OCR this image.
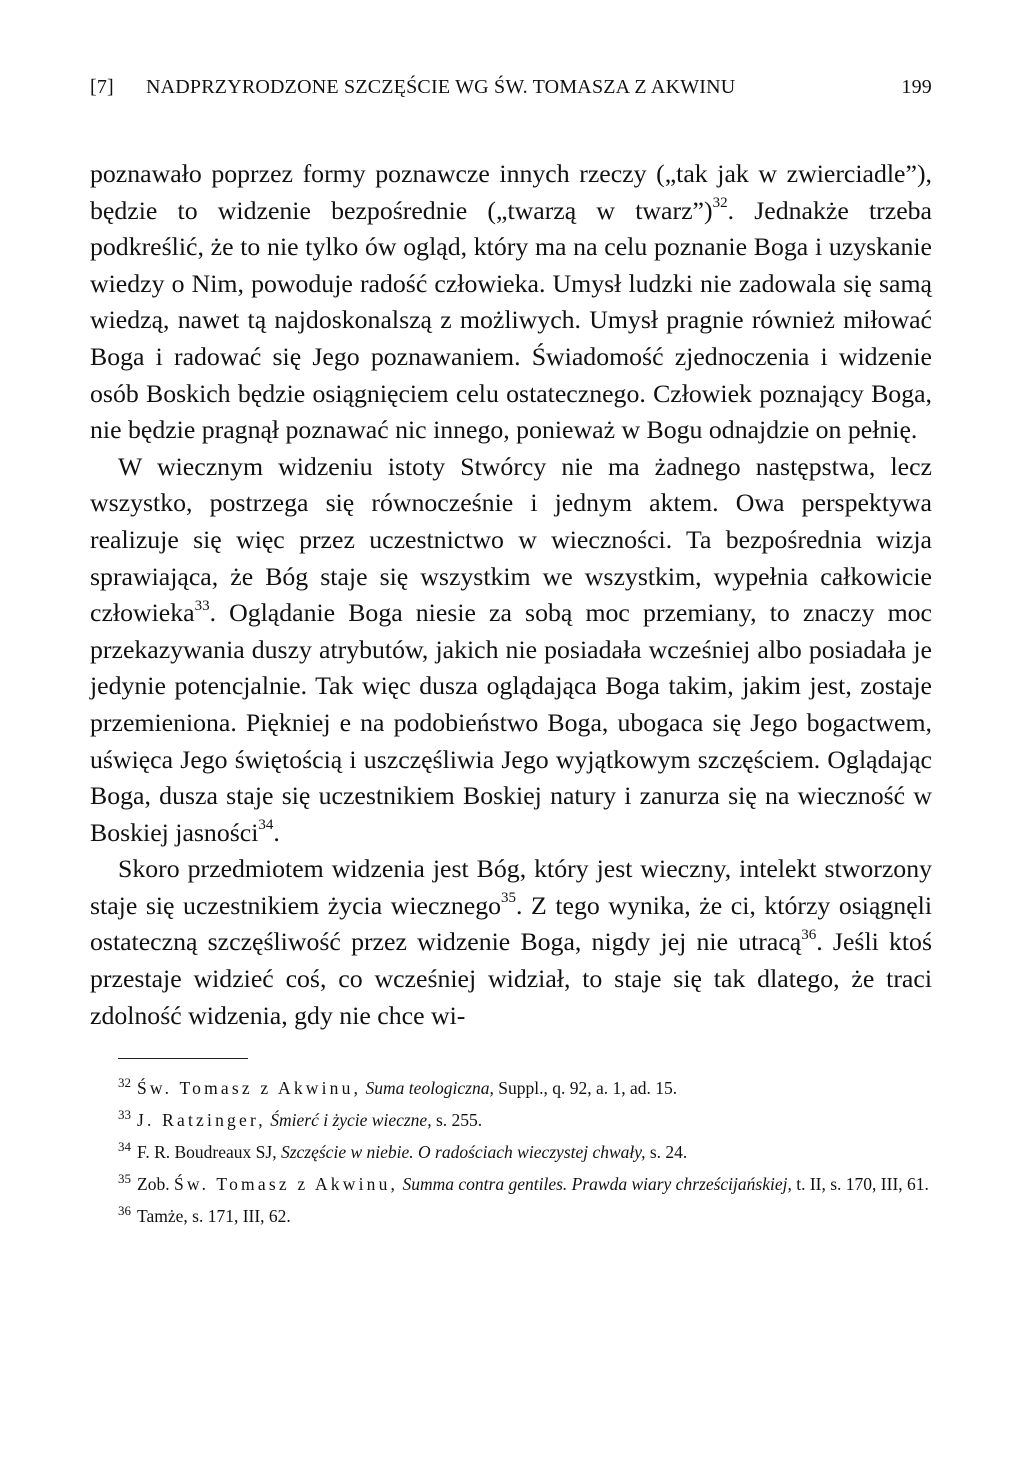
[7]	NADPRZYRODZONE SZCZĘŚCIE WG ŚW. TOMASZA Z AKWINU	199

poznawało poprzez formy poznawcze innych rzeczy („tak jak w zwierciadle”), będzie to widzenie bezpośrednie („twarzą w twarz”)$^{32}$. Jednakże trzeba podkreślić, że to nie tylko ów ogląd, który ma na celu poznanie Boga i uzyskanie wiedzy o Nim, powoduje radość człowieka. Umysł ludzki nie zadowala się samą wiedzą, nawet tą najdoskonalszą z możliwych. Umysł pragnie również miłować Boga i radować się Jego poznawaniem. Świadomość zjednoczenia i widzenie osób Boskich będzie osiągnięciem celu ostatecznego. Człowiek poznający Boga, nie będzie pragnął poznawać nic innego, ponieważ w Bogu odnajdzie on pełnię.

W wiecznym widzeniu istoty Stwórcy nie ma żadnego następstwa, lecz wszystko, postrzega się równocześnie i jednym aktem. Owa perspektywa realizuje się więc przez uczestnictwo w wieczności. Ta bezpośrednia wizja sprawiająca, że Bóg staje się wszystkim we wszystkim, wypełnia całkowicie człowieka$^{33}$. Oglądanie Boga niesie za sobą moc przemiany, to znaczy moc przekazywania duszy atrybutów, jakich nie posiadała wcześniej albo posiadała je jedynie potencjalnie. Tak więc dusza oglądająca Boga takim, jakim jest, zostaje przemieniona. Piękniej e na podobieństwo Boga, ubogaca się Jego bogactwem, uświęca Jego świętością i uszczęśliwia Jego wyjątkowym szczęściem. Oglądając Boga, dusza staje się uczestnikiem Boskiej natury i zanurza się na wieczność w Boskiej jasności$^{34}$.

Skoro przedmiotem widzenia jest Bóg, który jest wieczny, intelekt stworzony staje się uczestnikiem życia wiecznego$^{35}$. Z tego wynika, że ci, którzy osiągnęli ostateczną szczęśliwość przez widzenie Boga, nigdy jej nie utracą$^{36}$. Jeśli ktoś przestaje widzieć coś, co wcześniej widział, to staje się tak dlatego, że traci zdolność widzenia, gdy nie chce wi-

$^{32}$ Św. Tomasz z Akwinu, Suma teologiczna, Suppl., q. 92, a. 1, ad. 15.

$^{33}$ J. Ratzinger, Śmierć i życie wieczne, s. 255.

$^{34}$ F. R. Boudreaux SJ, Szczęście w niebie. O radościach wieczystej chwały, s. 24.

$^{35}$ Zob. Św. Tomasz z Akwinu, Summa contra gentiles. Prawda wiary chrześcijańskiej, t. II, s. 170, III, 61.

$^{36}$ Tamże, s. 171, III, 62.
